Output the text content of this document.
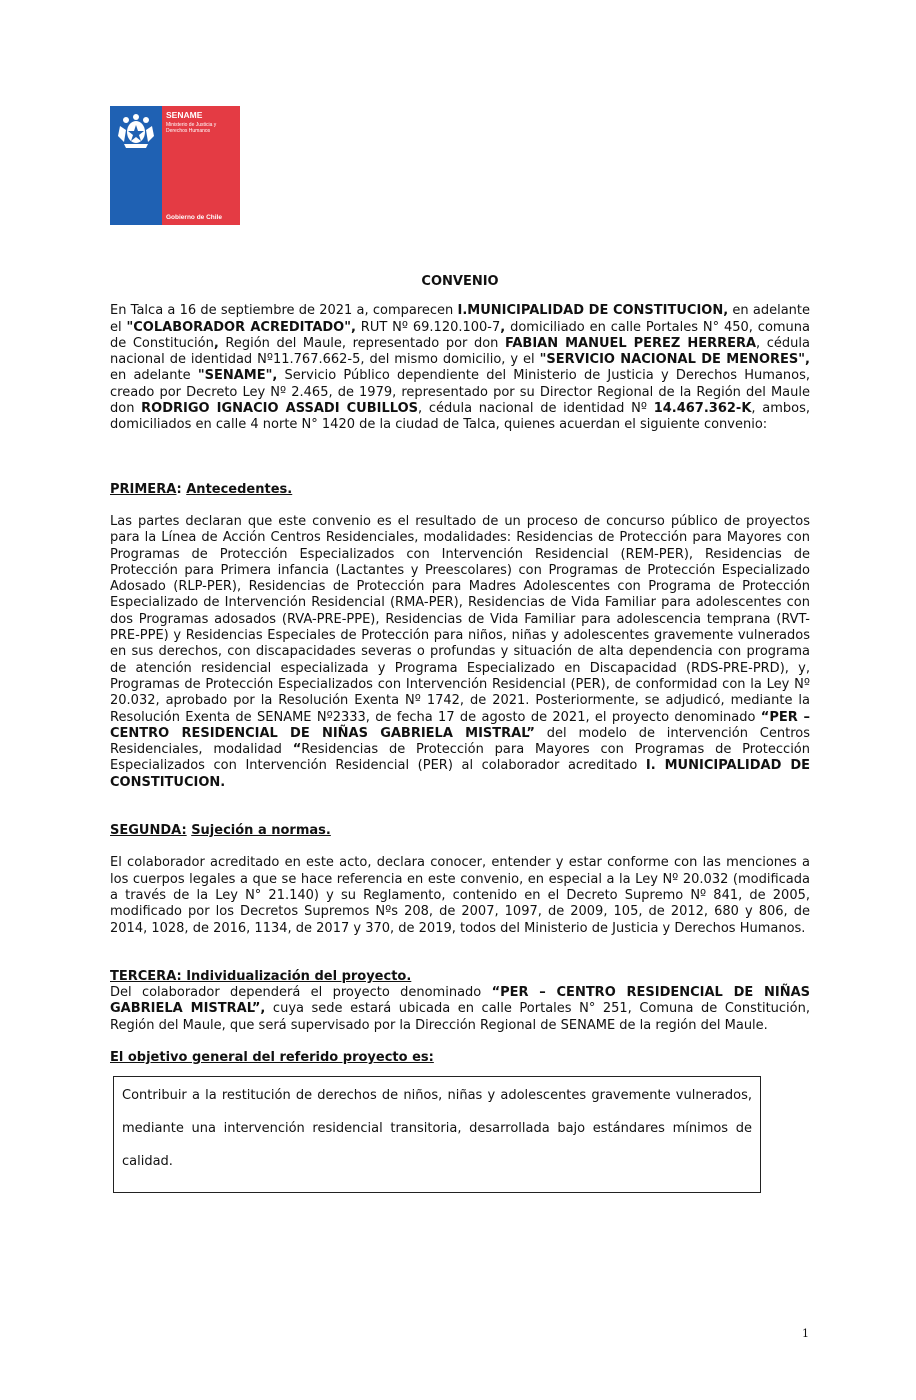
SENAME
Ministerio de Justicia y Derechos Humanos
Gobierno de Chile
CONVENIO

En Talca a 16 de septiembre de 2021 a, comparecen I.MUNICIPALIDAD DE CONSTITUCION, en adelante el "COLABORADOR ACREDITADO", RUT Nº 69.120.100-7, domiciliado en calle Portales N° 450, comuna de Constitución, Región del Maule, representado por don FABIAN MANUEL PEREZ HERRERA, cédula nacional de identidad Nº11.767.662-5, del mismo domicilio, y el "SERVICIO NACIONAL DE MENORES", en adelante "SENAME", Servicio Público dependiente del Ministerio de Justicia y Derechos Humanos, creado por Decreto Ley Nº 2.465, de 1979, representado por su Director Regional de la Región del Maule don RODRIGO IGNACIO ASSADI CUBILLOS, cédula nacional de identidad Nº 14.467.362-K, ambos, domiciliados en calle 4 norte N° 1420 de la ciudad de Talca, quienes acuerdan el siguiente convenio:

PRIMERA: Antecedentes.

Las partes declaran que este convenio es el resultado de un proceso de concurso público de proyectos para la Línea de Acción Centros Residenciales, modalidades: Residencias de Protección para Mayores con Programas de Protección Especializados con Intervención Residencial (REM-PER), Residencias de Protección para Primera infancia (Lactantes y Preescolares) con Programas de Protección Especializado Adosado (RLP-PER), Residencias de Protección para Madres Adolescentes con Programa de Protección Especializado de Intervención Residencial (RMA-PER), Residencias de Vida Familiar para adolescentes con dos Programas adosados (RVA-PRE-PPE), Residencias de Vida Familiar para adolescencia temprana (RVT-PRE-PPE) y Residencias Especiales de Protección para niños, niñas y adolescentes gravemente vulnerados en sus derechos, con discapacidades severas o profundas y situación de alta dependencia con programa de atención residencial especializada y Programa Especializado en Discapacidad (RDS-PRE-PRD), y, Programas de Protección Especializados con Intervención Residencial (PER), de conformidad con la Ley Nº 20.032, aprobado por la Resolución Exenta Nº 1742, de 2021. Posteriormente, se adjudicó, mediante la Resolución Exenta de SENAME Nº2333, de fecha 17 de agosto de 2021, el proyecto denominado “PER – CENTRO RESIDENCIAL DE NIÑAS GABRIELA MISTRAL” del modelo de intervención Centros Residenciales, modalidad “Residencias de Protección para Mayores con Programas de Protección Especializados con Intervención Residencial (PER) al colaborador acreditado I. MUNICIPALIDAD DE CONSTITUCION.

SEGUNDA: Sujeción a normas.

El colaborador acreditado en este acto, declara conocer, entender y estar conforme con las menciones a los cuerpos legales a que se hace referencia en este convenio, en especial a la Ley Nº 20.032 (modificada a través de la Ley N° 21.140) y su Reglamento, contenido en el Decreto Supremo Nº 841, de 2005, modificado por los Decretos Supremos Nºs 208, de 2007, 1097, de 2009, 105, de 2012, 680 y 806, de 2014, 1028, de 2016, 1134, de 2017 y 370, de 2019, todos del Ministerio de Justicia y Derechos Humanos.

TERCERA: Individualización del proyecto.

Del colaborador dependerá el proyecto denominado “PER – CENTRO RESIDENCIAL DE NIÑAS GABRIELA MISTRAL”, cuya sede estará ubicada en calle Portales N° 251, Comuna de Constitución, Región del Maule, que será supervisado por la Dirección Regional de SENAME de la región del Maule.

El objetivo general del referido proyecto es:
Contribuir a la restitución de derechos de niños, niñas y adolescentes gravemente vulnerados, mediante una intervención residencial transitoria, desarrollada bajo estándares mínimos de calidad.
1
